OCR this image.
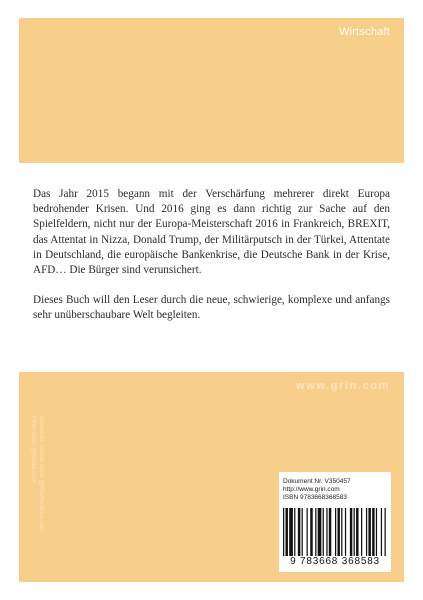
Wirtschaft

Das Jahr 2015 begann mit der Verschärfung mehrerer direkt Europa bedrohender Krisen. Und 2016 ging es dann richtig zur Sache auf den Spielfeldern, nicht nur der Europa-Meisterschaft 2016 in Frankreich, BREXIT, das Attentat in Nizza, Donald Trump, der Militärputsch in der Türkei, Attentate in Deutschland, die europäische Bankenkrise, die Deutsche Bank in der Krise, AFD… Die Bürger sind verunsichert.

Dieses Buch will den Leser durch die neue, schwierige, komplexe und anfangs sehr unüberschaubare Welt begleiten.

www.grin.com
Coverbild: Alistair Scott @Shutterstock.com
Peter Stein @fotolia.com	Dokument Nr. V350457
http://www.grin.com
ISBN 9783668368583
9 783668 368583
